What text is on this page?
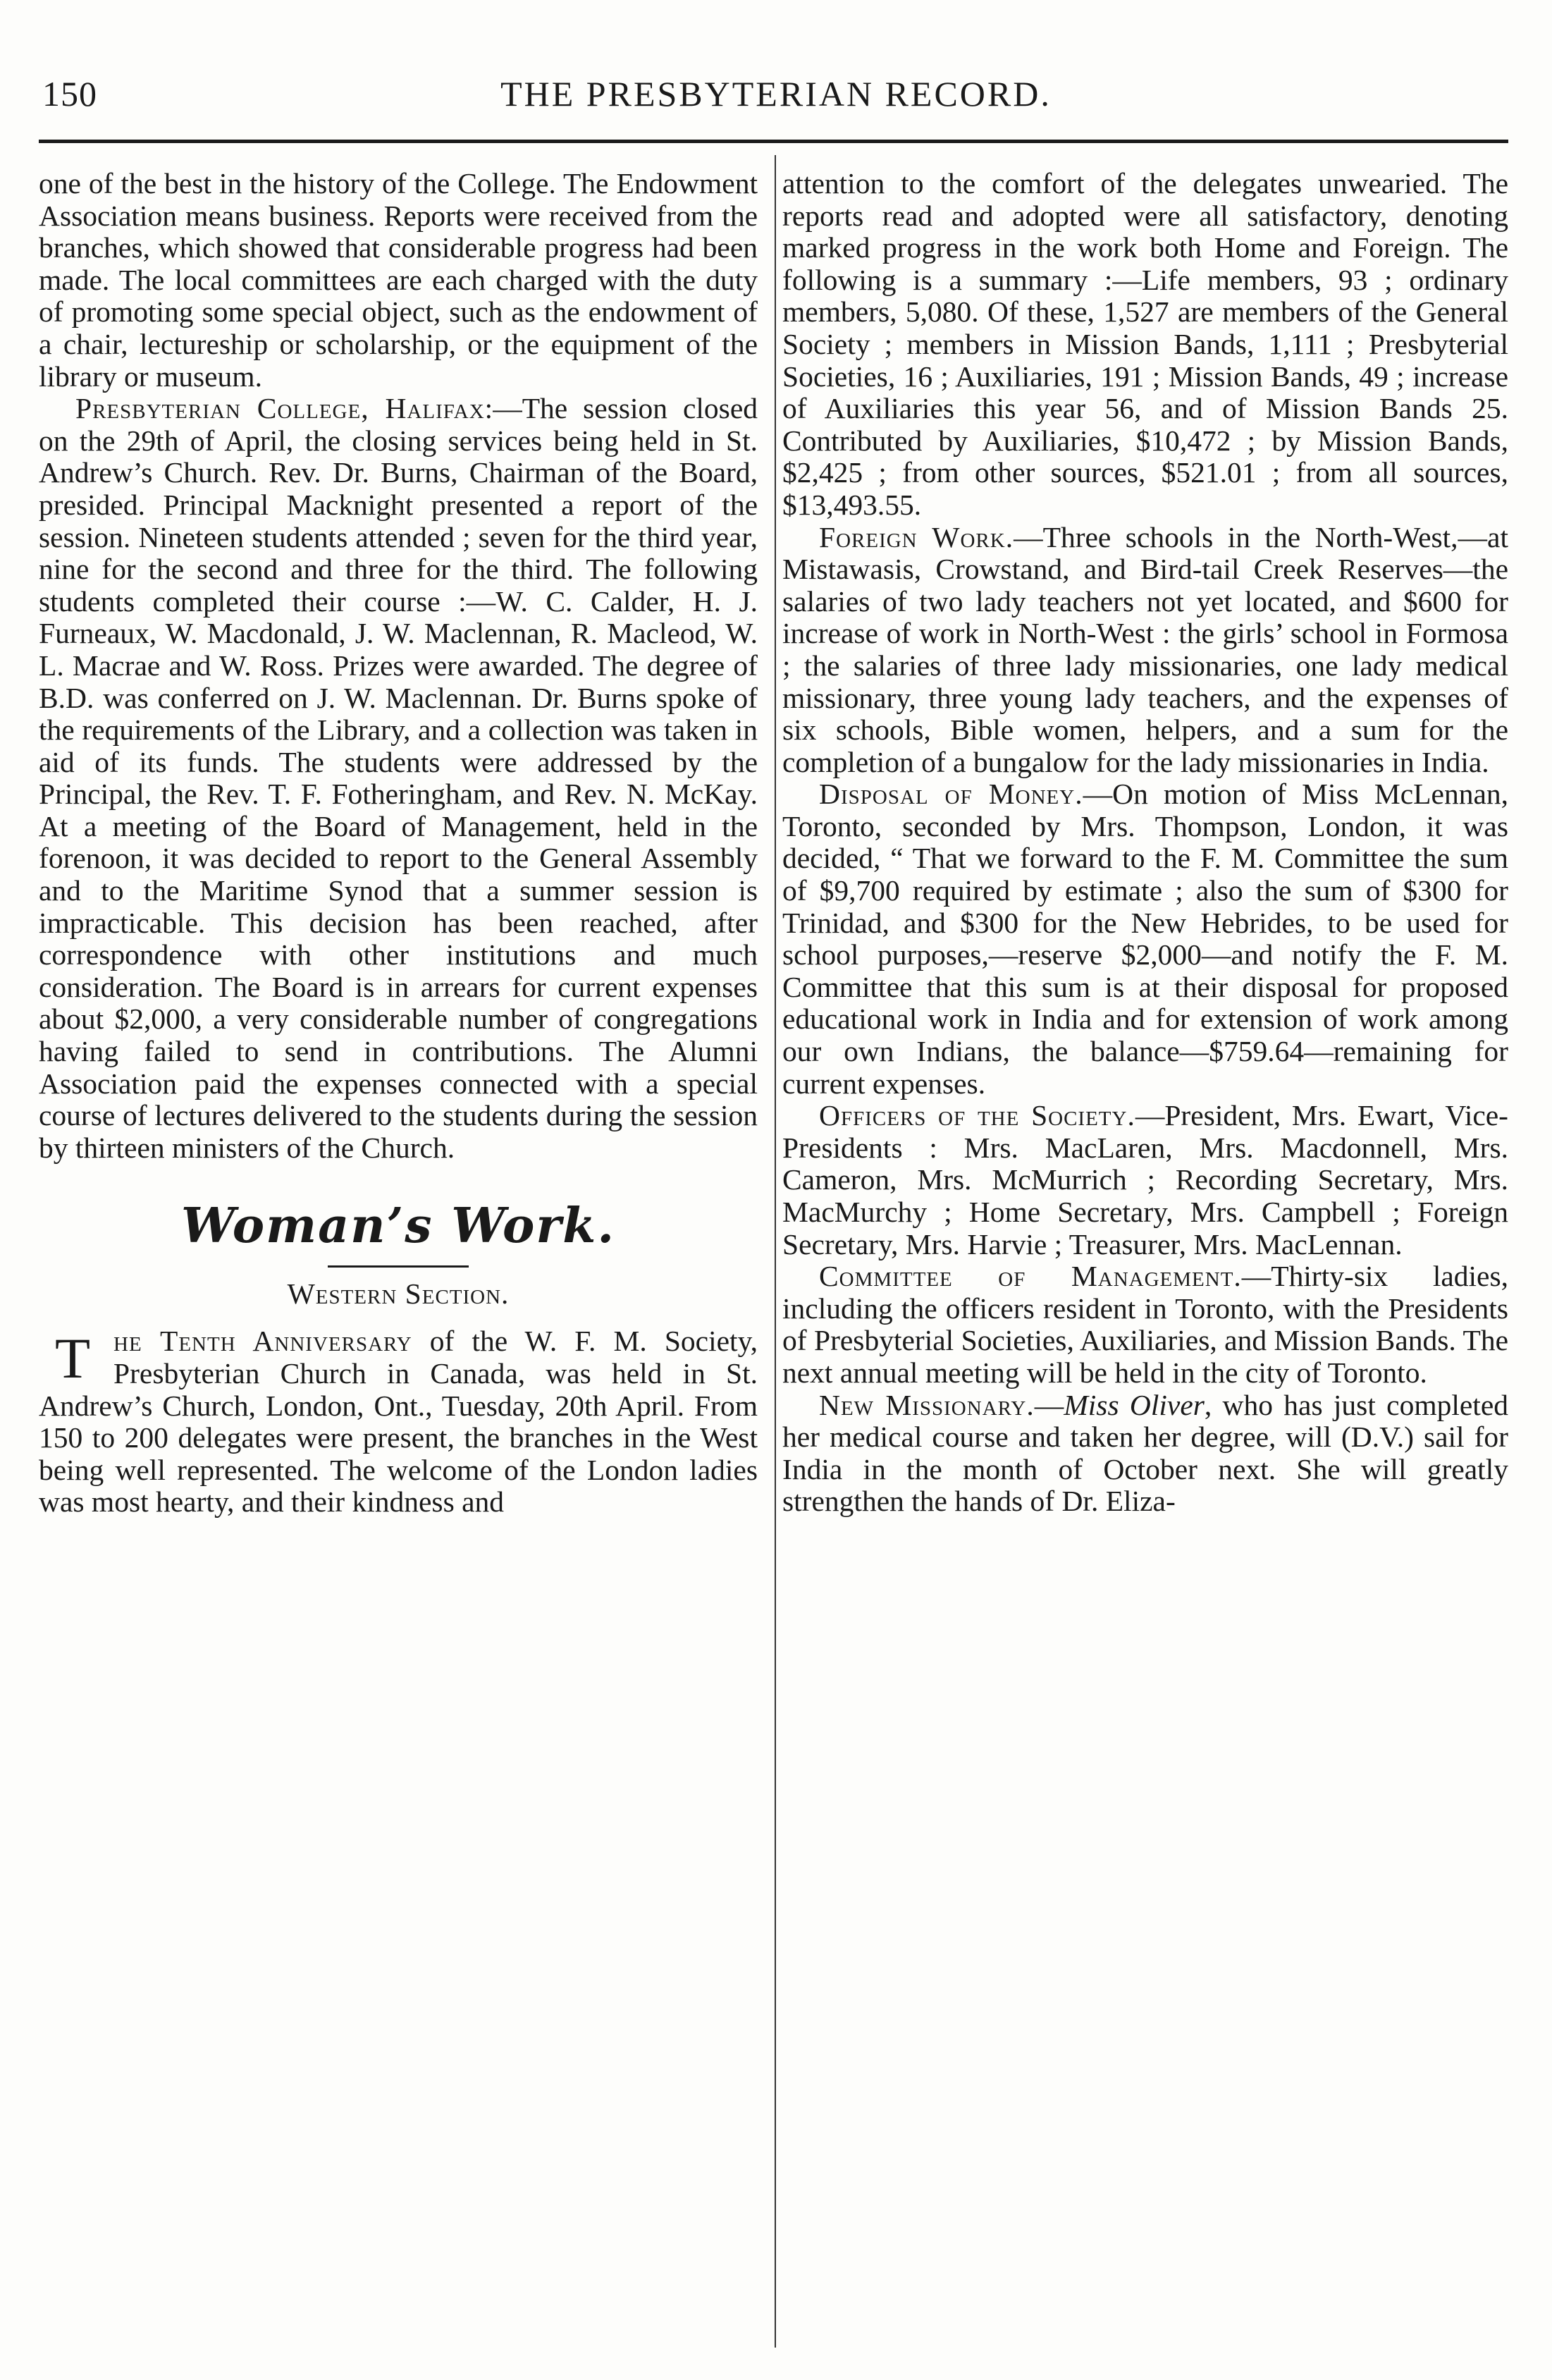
150	THE PRESBYTERIAN RECORD.

one of the best in the history of the College. The Endowment Association means business. Reports were received from the branches, which showed that considerable progress had been made. The local committees are each charged with the duty of promoting some special object, such as the endowment of a chair, lectureship or scholarship, or the equipment of the library or museum.

Presbyterian College, Halifax:—The session closed on the 29th of April, the closing services being held in St. Andrew’s Church. Rev. Dr. Burns, Chairman of the Board, presided. Principal Macknight presented a report of the session. Nineteen students attended ; seven for the third year, nine for the second and three for the third. The following students completed their course :—W. C. Calder, H. J. Furneaux, W. Macdonald, J. W. Maclennan, R. Macleod, W. L. Macrae and W. Ross. Prizes were awarded. The degree of B.D. was conferred on J. W. Maclennan. Dr. Burns spoke of the requirements of the Library, and a collection was taken in aid of its funds. The students were addressed by the Principal, the Rev. T. F. Fotheringham, and Rev. N. McKay. At a meeting of the Board of Management, held in the forenoon, it was decided to report to the General Assembly and to the Maritime Synod that a summer session is impracticable. This decision has been reached, after correspondence with other institutions and much consideration. The Board is in arrears for current expenses about $2,000, a very considerable number of congregations having failed to send in contributions. The Alumni Association paid the expenses connected with a special course of lectures delivered to the students during the session by thirteen ministers of the Church.

Woman’s Work.
Western Section.

The Tenth Anniversary of the W. F. M. Society, Presbyterian Church in Canada, was held in St. Andrew’s Church, London, Ont., Tuesday, 20th April. From 150 to 200 delegates were present, the branches in the West being well represented. The welcome of the London ladies was most hearty, and their kindness and

attention to the comfort of the delegates unwearied. The reports read and adopted were all satisfactory, denoting marked progress in the work both Home and Foreign. The following is a summary :—Life members, 93 ; ordinary members, 5,080. Of these, 1,527 are members of the General Society ; members in Mission Bands, 1,111 ; Presbyterial Societies, 16 ; Auxiliaries, 191 ; Mission Bands, 49 ; increase of Auxiliaries this year 56, and of Mission Bands 25. Contributed by Auxiliaries, $10,472 ; by Mission Bands, $2,425 ; from other sources, $521.01 ; from all sources, $13,493.55.

Foreign Work.—Three schools in the North-West,—at Mistawasis, Crowstand, and Bird-tail Creek Reserves—the salaries of two lady teachers not yet located, and $600 for increase of work in North-West : the girls’ school in Formosa ; the salaries of three lady missionaries, one lady medical missionary, three young lady teachers, and the expenses of six schools, Bible women, helpers, and a sum for the completion of a bungalow for the lady missionaries in India.

Disposal of Money.—On motion of Miss McLennan, Toronto, seconded by Mrs. Thompson, London, it was decided, “ That we forward to the F. M. Committee the sum of $9,700 required by estimate ; also the sum of $300 for Trinidad, and $300 for the New Hebrides, to be used for school purposes,—reserve $2,000—and notify the F. M. Committee that this sum is at their disposal for proposed educational work in India and for extension of work among our own Indians, the balance—$759.64—remaining for current expenses.

Officers of the Society.—President, Mrs. Ewart, Vice-Presidents : Mrs. MacLaren, Mrs. Macdonnell, Mrs. Cameron, Mrs. McMurrich ; Recording Secretary, Mrs. MacMurchy ; Home Secretary, Mrs. Campbell ; Foreign Secretary, Mrs. Harvie ; Treasurer, Mrs. MacLennan.

Committee of Management.—Thirty-six ladies, including the officers resident in Toronto, with the Presidents of Presbyterial Societies, Auxiliaries, and Mission Bands. The next annual meeting will be held in the city of Toronto.

New Missionary.—Miss Oliver, who has just completed her medical course and taken her degree, will (D.V.) sail for India in the month of October next. She will greatly strengthen the hands of Dr. Eliza-
